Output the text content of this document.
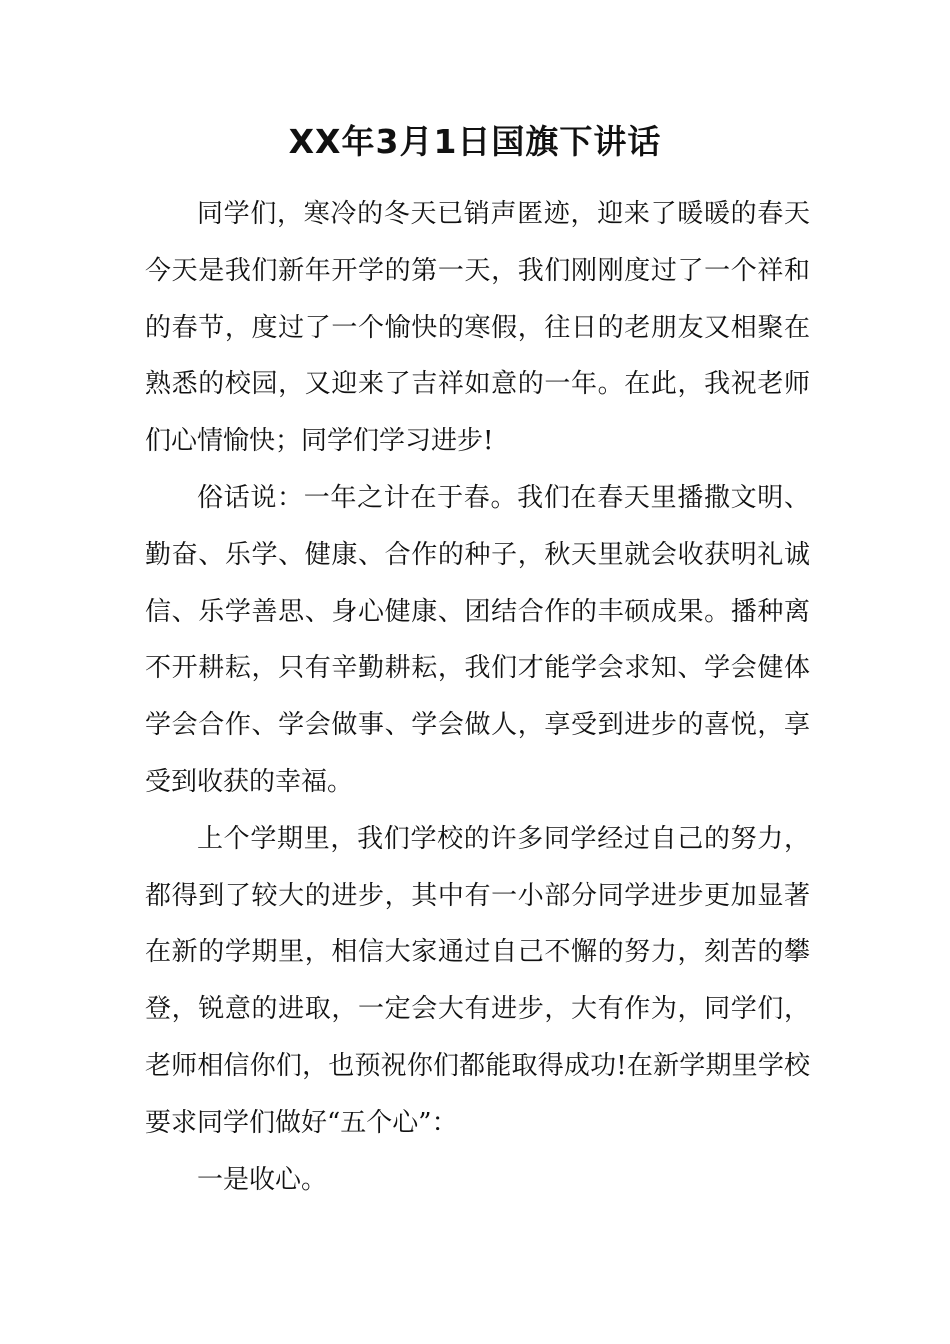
XX年3月1日国旗下讲话

同学们，寒冷的冬天已销声匿迹，迎来了暖暖的春天今天是我们新年开学的第一天，我们刚刚度过了一个祥和的春节，度过了一个愉快的寒假，往日的老朋友又相聚在熟悉的校园，又迎来了吉祥如意的一年。在此，我祝老师们心情愉快；同学们学习进步!

俗话说：一年之计在于春。我们在春天里播撒文明、勤奋、乐学、健康、合作的种子，秋天里就会收获明礼诚信、乐学善思、身心健康、团结合作的丰硕成果。播种离不开耕耘，只有辛勤耕耘，我们才能学会求知、学会健体学会合作、学会做事、学会做人，享受到进步的喜悦，享受到收获的幸福。

上个学期里，我们学校的许多同学经过自己的努力，都得到了较大的进步，其中有一小部分同学进步更加显著在新的学期里，相信大家通过自己不懈的努力，刻苦的攀登，锐意的进取，一定会大有进步，大有作为，同学们，老师相信你们，也预祝你们都能取得成功!在新学期里学校要求同学们做好“五个心”：

一是收心。
